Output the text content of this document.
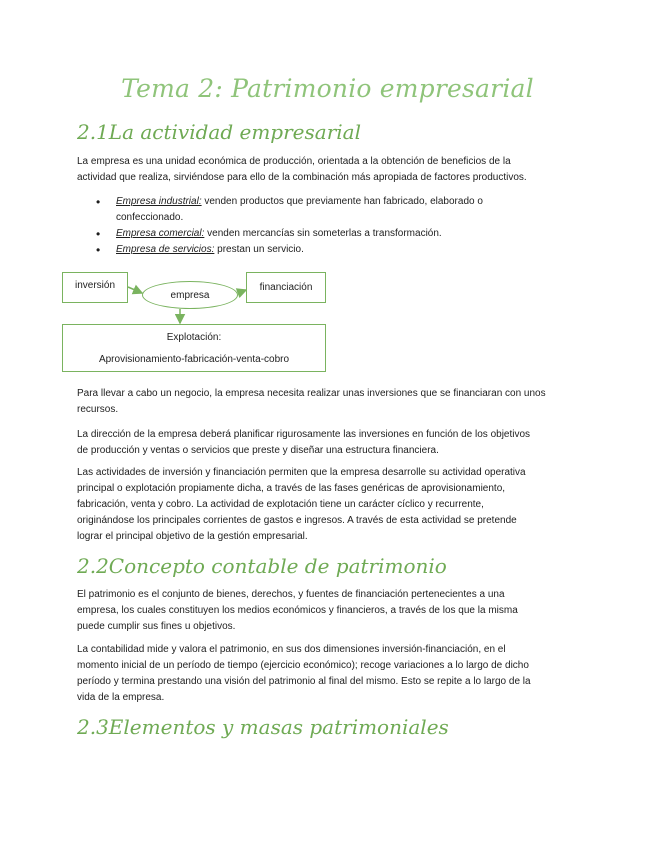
Tema 2: Patrimonio empresarial
2.1La actividad empresarial
La empresa es una unidad económica de producción, orientada a la obtención de beneficios de la
actividad que realiza, sirviéndose para ello de la combinación más apropiada de factores productivos.
• Empresa industrial: venden productos que previamente han fabricado, elaborado o
confeccionado.
• Empresa comercial: venden mercancías sin someterlas a transformación.
• Empresa de servicios: prestan un servicio.
inversión
empresa
financiación
Explotación:
Aprovisionamiento-fabricación-venta-cobro
Para llevar a cabo un negocio, la empresa necesita realizar unas inversiones que se financiaran con unos
recursos.
La dirección de la empresa deberá planificar rigurosamente las inversiones en función de los objetivos
de producción y ventas o servicios que preste y diseñar una estructura financiera.
Las actividades de inversión y financiación permiten que la empresa desarrolle su actividad operativa
principal o explotación propiamente dicha, a través de las fases genéricas de aprovisionamiento,
fabricación, venta y cobro. La actividad de explotación tiene un carácter cíclico y recurrente,
originándose los principales corrientes de gastos e ingresos. A través de esta actividad se pretende
lograr el principal objetivo de la gestión empresarial.
2.2Concepto contable de patrimonio
El patrimonio es el conjunto de bienes, derechos, y fuentes de financiación pertenecientes a una
empresa, los cuales constituyen los medios económicos y financieros, a través de los que la misma
puede cumplir sus fines u objetivos.
La contabilidad mide y valora el patrimonio, en sus dos dimensiones inversión-financiación, en el
momento inicial de un período de tiempo (ejercicio económico); recoge variaciones a lo largo de dicho
período y termina prestando una visión del patrimonio al final del mismo. Esto se repite a lo largo de la
vida de la empresa.
2.3Elementos y masas patrimoniales
